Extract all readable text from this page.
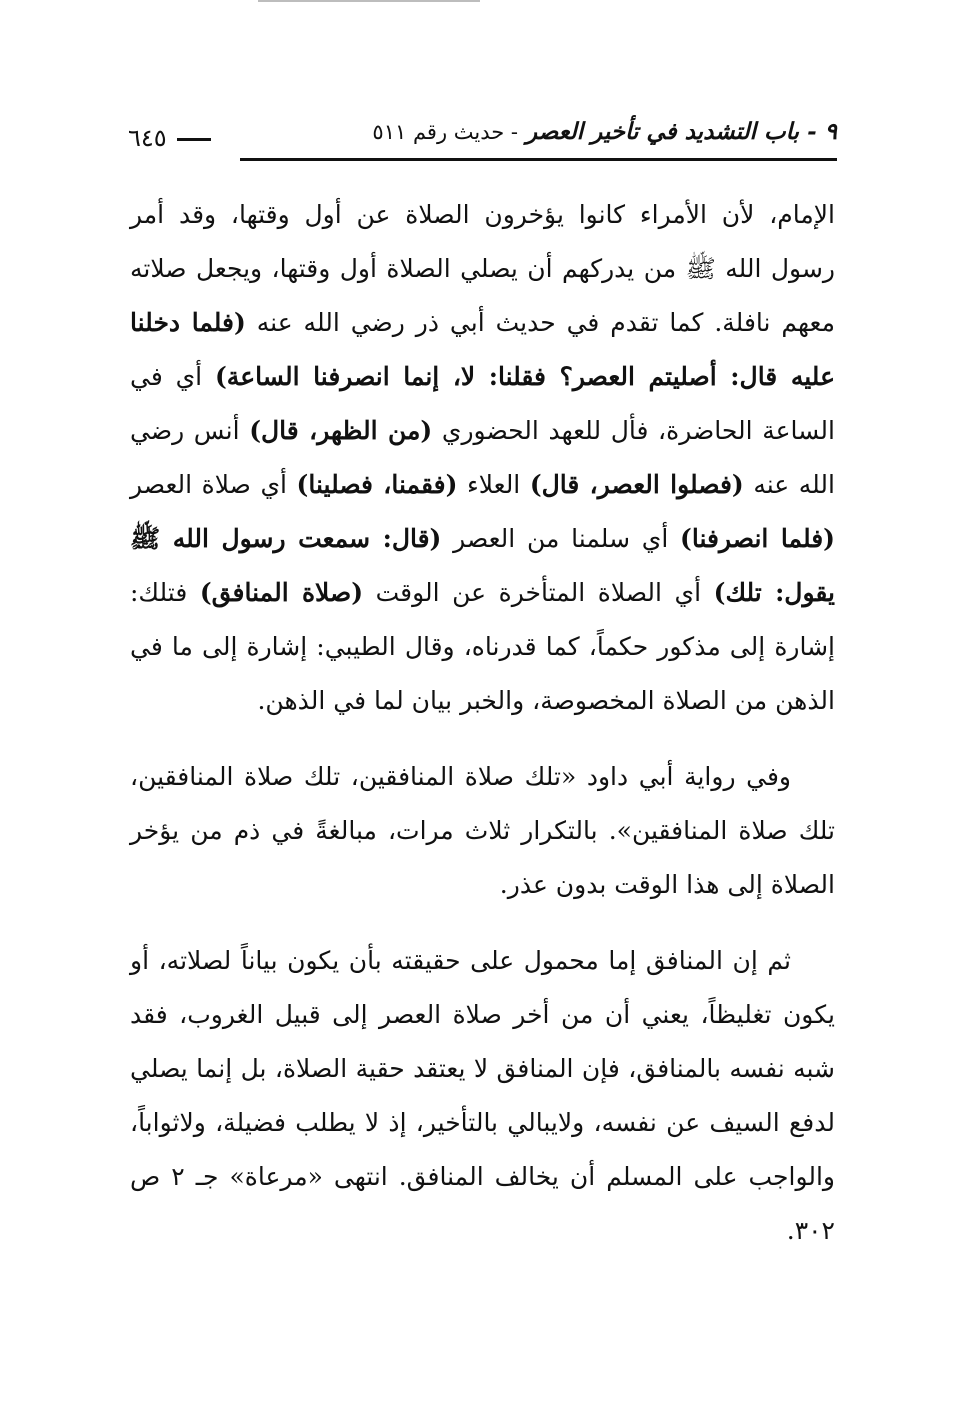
٩ - باب التشديد في تأخير العصر - حديث رقم ٥١١
٦٤٥

الإمام، لأن الأمراء كانوا يؤخرون الصلاة عن أول وقتها، وقد أمر رسول الله ﷺ من يدركهم أن يصلي الصلاة أول وقتها، ويجعل صلاته معهم نافلة. كما تقدم في حديث أبي ذر رضي الله عنه (فلما دخلنا عليه قال: أصليتم العصر؟ فقلنا: لا، إنما انصرفنا الساعة) أي في الساعة الحاضرة، فأل للعهد الحضوري (من الظهر، قال) أنس رضي الله عنه (فصلوا العصر، قال) العلاء (فقمنا، فصلينا) أي صلاة العصر (فلما انصرفنا) أي سلمنا من العصر (قال: سمعت رسول الله ﷺ يقول: تلك) أي الصلاة المتأخرة عن الوقت (صلاة المنافق) فتلك: إشارة إلى مذكور حكماً، كما قدرناه، وقال الطيبي: إشارة إلى ما في الذهن من الصلاة المخصوصة، والخبر بيان لما في الذهن.

وفي رواية أبي داود «تلك صلاة المنافقين، تلك صلاة المنافقين، تلك صلاة المنافقين». بالتكرار ثلاث مرات، مبالغةً في ذم من يؤخر الصلاة إلى هذا الوقت بدون عذر.

ثم إن المنافق إما محمول على حقيقته بأن يكون بياناً لصلاته، أو يكون تغليظاً، يعني أن من أخر صلاة العصر إلى قبيل الغروب، فقد شبه نفسه بالمنافق، فإن المنافق لا يعتقد حقية الصلاة، بل إنما يصلي لدفع السيف عن نفسه، ولايبالي بالتأخير، إذ لا يطلب فضيلة، ولاثواباً، والواجب على المسلم أن يخالف المنافق. انتهى «مرعاة» جـ ٢ ص ٣٠٢.
